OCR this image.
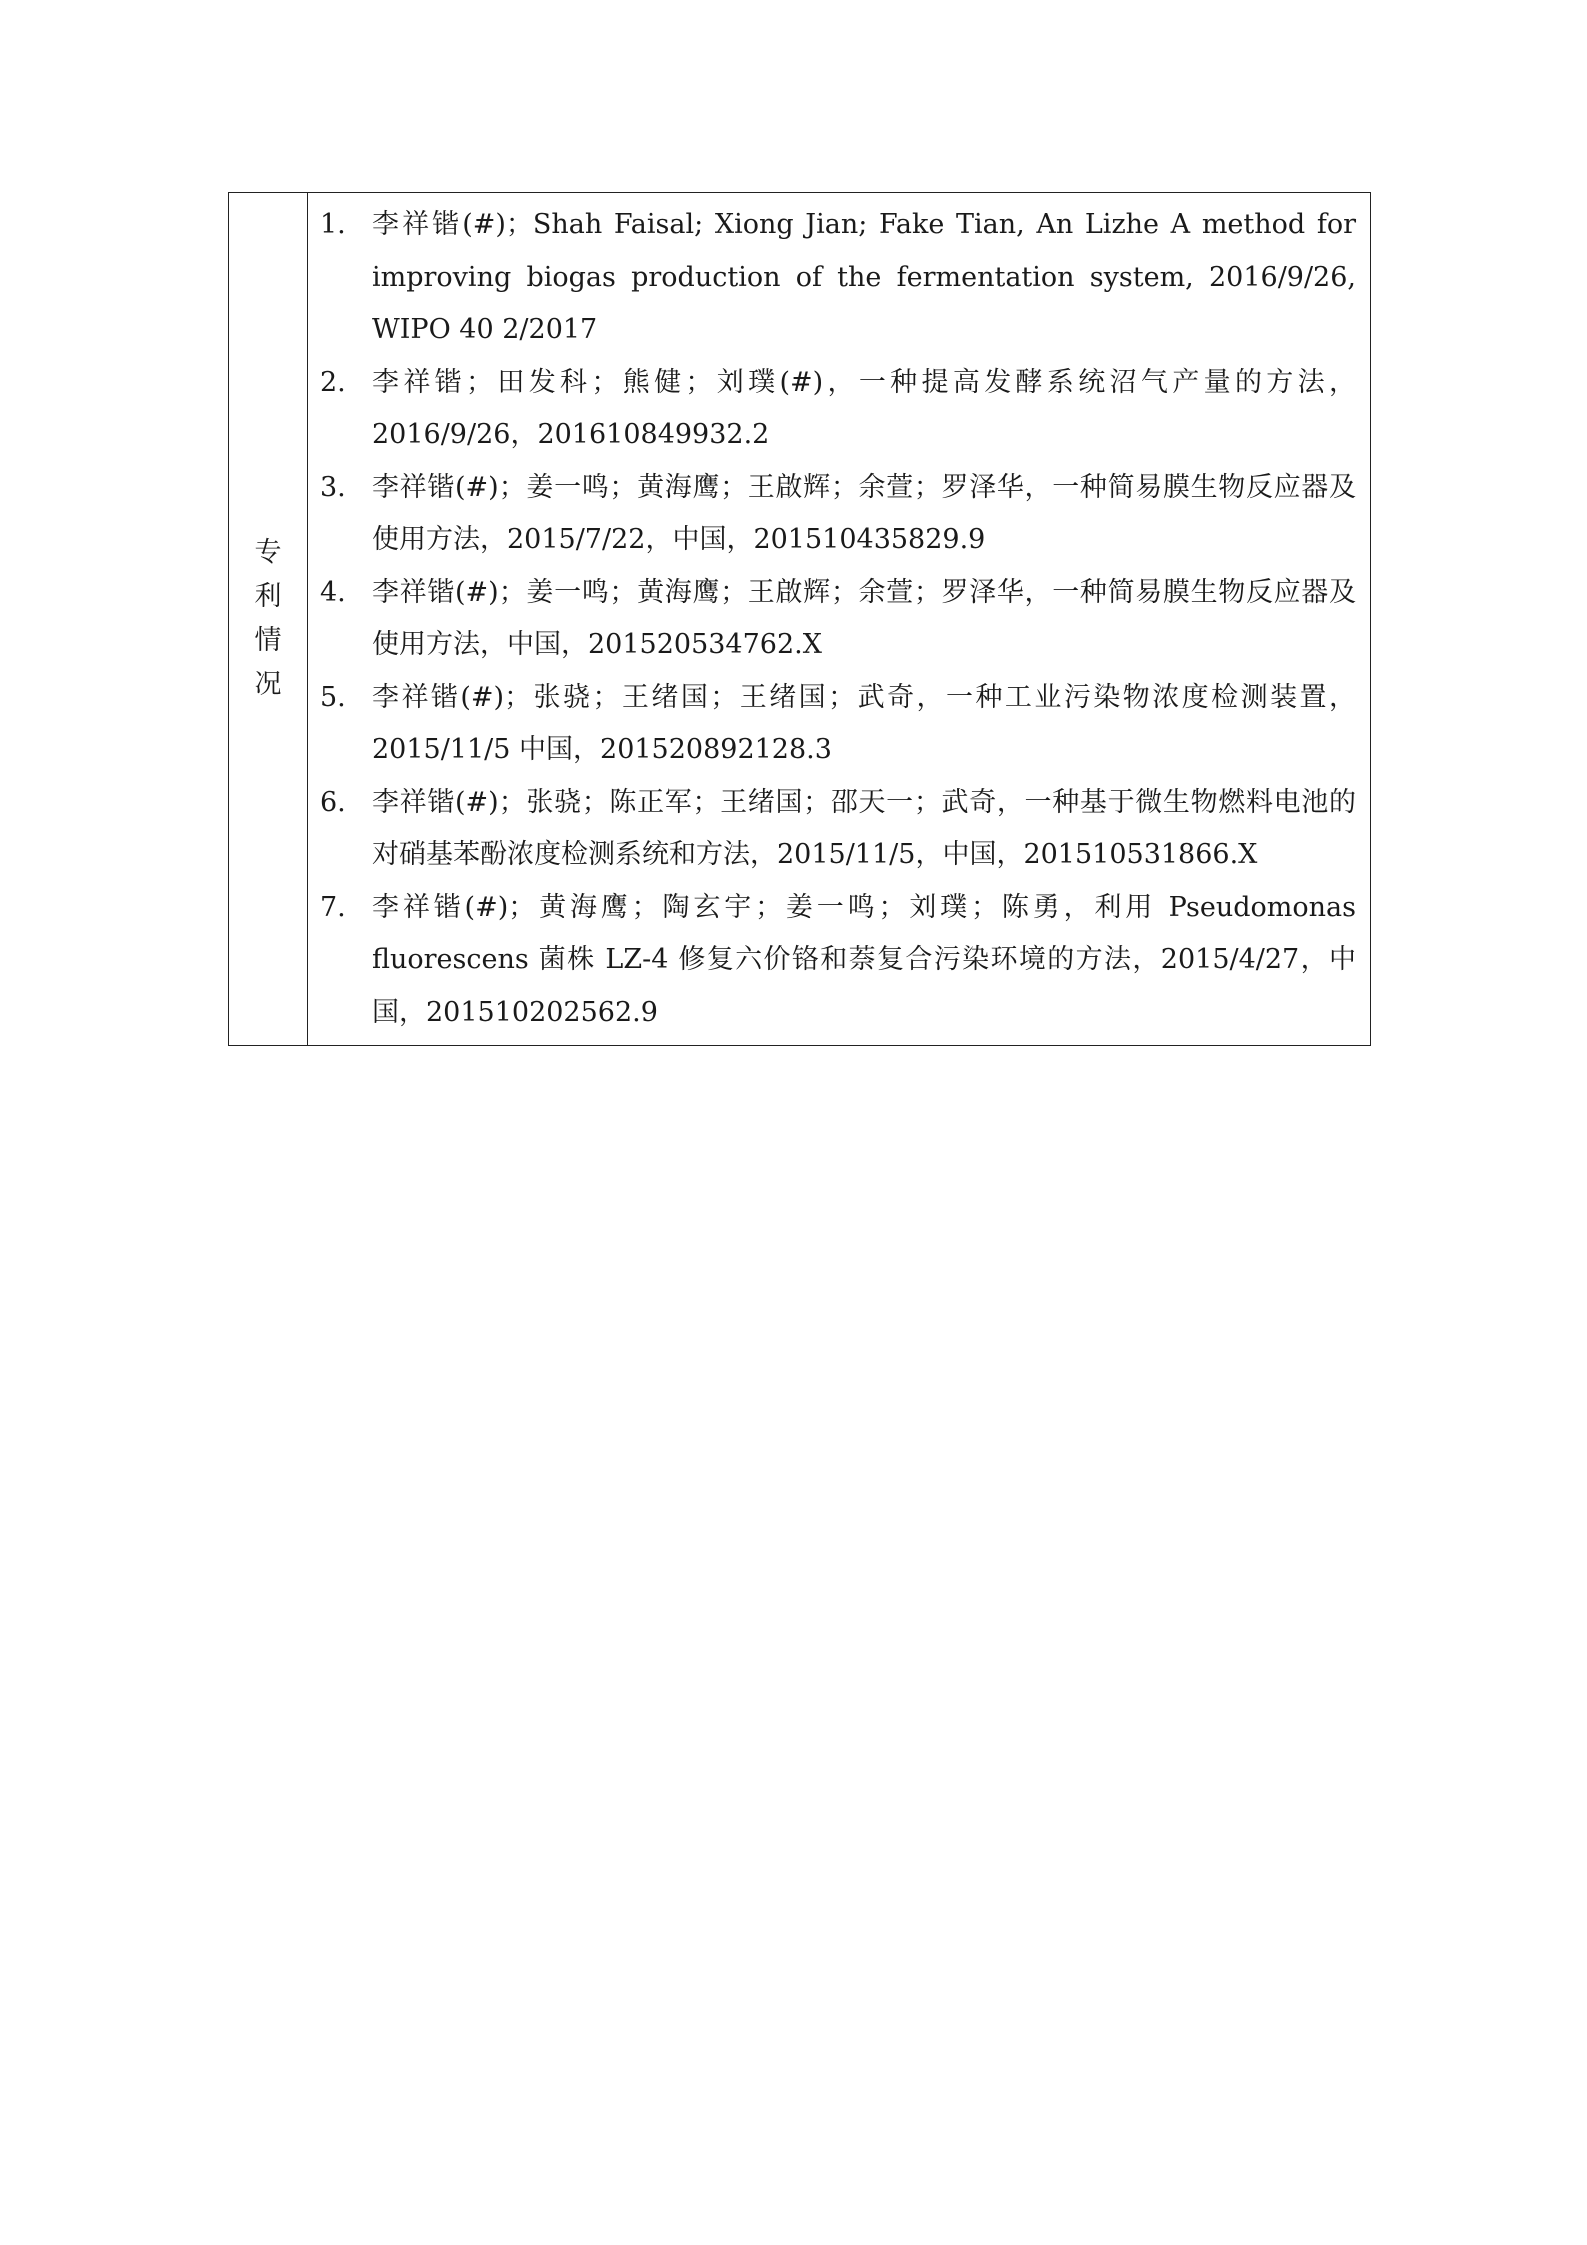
专利情况	
1. 李祥锴(#)；Shah Faisal; Xiong Jian; Fake Tian, An Lizhe A method for improving biogas production of the fermentation system, 2016/9/26, WIPO 40 2/2017
2. 李祥锴；田发科；熊健；刘璞(#)，一种提高发酵系统沼气产量的方法，2016/9/26，201610849932.2
3. 李祥锴(#)；姜一鸣；黄海鹰；王啟辉；余萱；罗泽华，一种简易膜生物反应器及使用方法，2015/7/22，中国，201510435829.9
4. 李祥锴(#)；姜一鸣；黄海鹰；王啟辉；余萱；罗泽华，一种简易膜生物反应器及使用方法，中国，201520534762.X
5. 李祥锴(#)；张骁；王绪国；王绪国；武奇，一种工业污染物浓度检测装置，2015/11/5 中国，201520892128.3
6. 李祥锴(#)；张骁；陈正军；王绪国；邵天一；武奇，一种基于微生物燃料电池的对硝基苯酚浓度检测系统和方法，2015/11/5，中国，201510531866.X
7. 李祥锴(#)；黄海鹰；陶玄宇；姜一鸣；刘璞；陈勇，利用 Pseudomonas fluorescens 菌株 LZ-4 修复六价铬和萘复合污染环境的方法，2015/4/27，中国，201510202562.9
